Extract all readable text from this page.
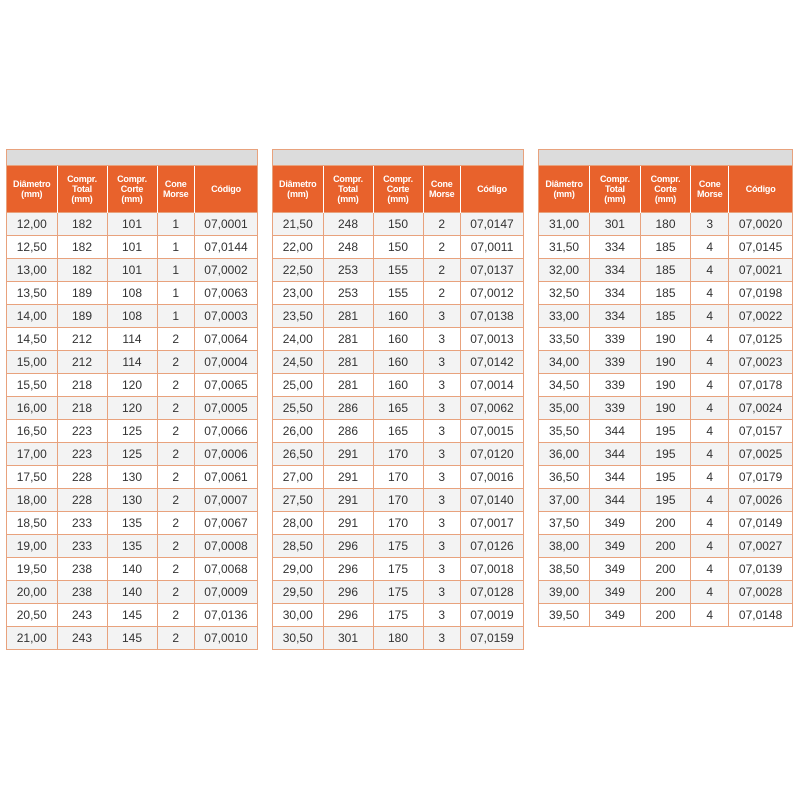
Diâmetro
(mm)	Compr.
Total
(mm)	Compr.
Corte
(mm)	Cone
Morse	Código
12,00	182	101	1	07,0001
12,50	182	101	1	07,0144
13,00	182	101	1	07,0002
13,50	189	108	1	07,0063
14,00	189	108	1	07,0003
14,50	212	114	2	07,0064
15,00	212	114	2	07,0004
15,50	218	120	2	07,0065
16,00	218	120	2	07,0005
16,50	223	125	2	07,0066
17,00	223	125	2	07,0006
17,50	228	130	2	07,0061
18,00	228	130	2	07,0007
18,50	233	135	2	07,0067
19,00	233	135	2	07,0008
19,50	238	140	2	07,0068
20,00	238	140	2	07,0009
20,50	243	145	2	07,0136
21,00	243	145	2	07,0010
Diâmetro
(mm)	Compr.
Total
(mm)	Compr.
Corte
(mm)	Cone
Morse	Código
21,50	248	150	2	07,0147
22,00	248	150	2	07,0011
22,50	253	155	2	07,0137
23,00	253	155	2	07,0012
23,50	281	160	3	07,0138
24,00	281	160	3	07,0013
24,50	281	160	3	07,0142
25,00	281	160	3	07,0014
25,50	286	165	3	07,0062
26,00	286	165	3	07,0015
26,50	291	170	3	07,0120
27,00	291	170	3	07,0016
27,50	291	170	3	07,0140
28,00	291	170	3	07,0017
28,50	296	175	3	07,0126
29,00	296	175	3	07,0018
29,50	296	175	3	07,0128
30,00	296	175	3	07,0019
30,50	301	180	3	07,0159
Diâmetro
(mm)	Compr.
Total
(mm)	Compr.
Corte
(mm)	Cone
Morse	Código
31,00	301	180	3	07,0020
31,50	334	185	4	07,0145
32,00	334	185	4	07,0021
32,50	334	185	4	07,0198
33,00	334	185	4	07,0022
33,50	339	190	4	07,0125
34,00	339	190	4	07,0023
34,50	339	190	4	07,0178
35,00	339	190	4	07,0024
35,50	344	195	4	07,0157
36,00	344	195	4	07,0025
36,50	344	195	4	07,0179
37,00	344	195	4	07,0026
37,50	349	200	4	07,0149
38,00	349	200	4	07,0027
38,50	349	200	4	07,0139
39,00	349	200	4	07,0028
39,50	349	200	4	07,0148
